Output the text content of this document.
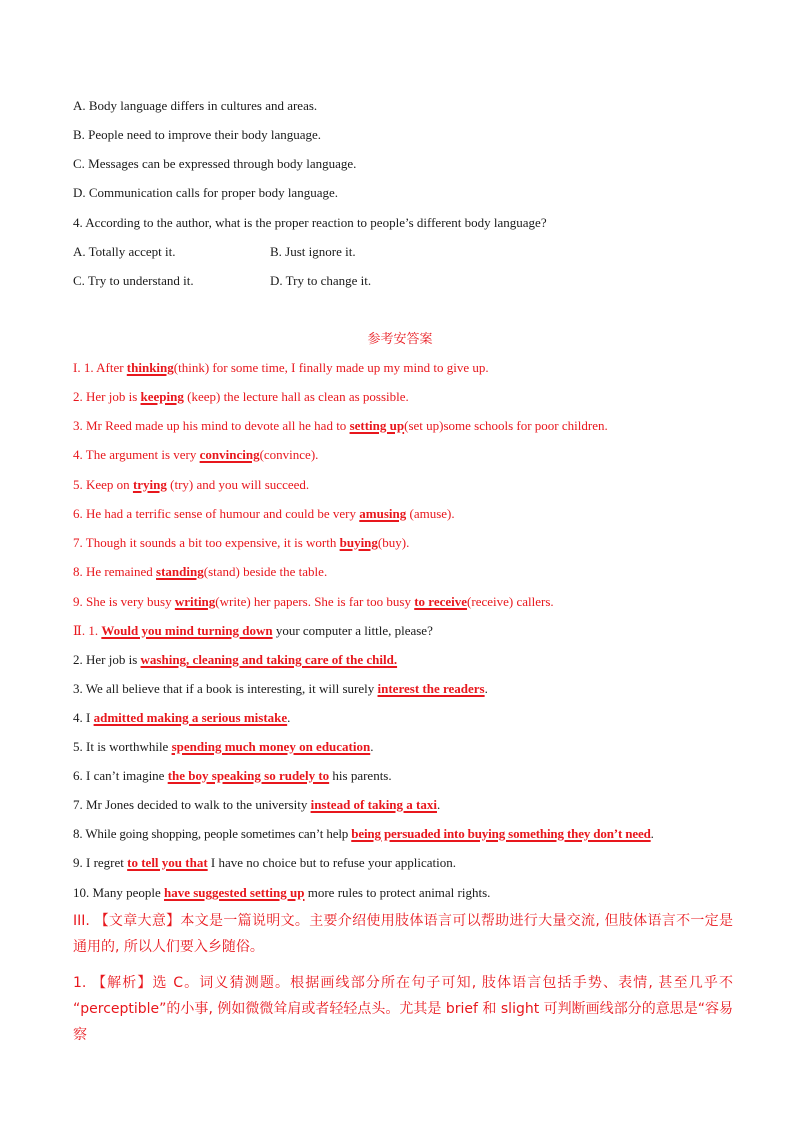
A. Body language differs in cultures and areas.
B. People need to improve their body language.
C. Messages can be expressed through body language.
D. Communication calls for proper body language.
4. According to the author, what is the proper reaction to people’s different body language?
A. Totally accept it.	B. Just ignore it.
C. Try to understand it.	D. Try to change it.
参考安答案
I. 1. After thinking(think) for some time, I finally made up my mind to give up.
2. Her job is keeping (keep) the lecture hall as clean as possible.
3. Mr Reed made up his mind to devote all he had to setting up(set up)some schools for poor children.
4. The argument is very convincing(convince).
5. Keep on trying (try) and you will succeed.
6. He had a terrific sense of humour and could be very amusing (amuse).
7. Though it sounds a bit too expensive, it is worth buying(buy).
8. He remained standing(stand) beside the table.
9. She is very busy writing(write) her papers. She is far too busy to receive(receive) callers.
Ⅱ. 1. Would you mind turning down your computer a little, please?
2. Her job is washing, cleaning and taking care of the child.
3. We all believe that if a book is interesting, it will surely interest the readers.
4. I admitted making a serious mistake.
5. It is worthwhile spending much money on education.
6. I can’t imagine the boy speaking so rudely to his parents.
7. Mr Jones decided to walk to the university instead of taking a taxi.
8. While going shopping, people sometimes can’t help being persuaded into buying something they don’t need.
9. I regret to tell you that I have no choice but to refuse your application.
10. Many people have suggested setting up more rules to protect animal rights.
III. 【文章大意】本文是一篇说明文。主要介绍使用肢体语言可以帮助进行大量交流, 但肢体语言不一定是通用的, 所以人们要入乡随俗。
1. 【解析】选 C。词义猜测题。根据画线部分所在句子可知, 肢体语言包括手势、表情, 甚至几乎不 “perceptible”的小事, 例如微微耸肩或者轻轻点头。尤其是 brief 和 slight 可判断画线部分的意思是“容易察
